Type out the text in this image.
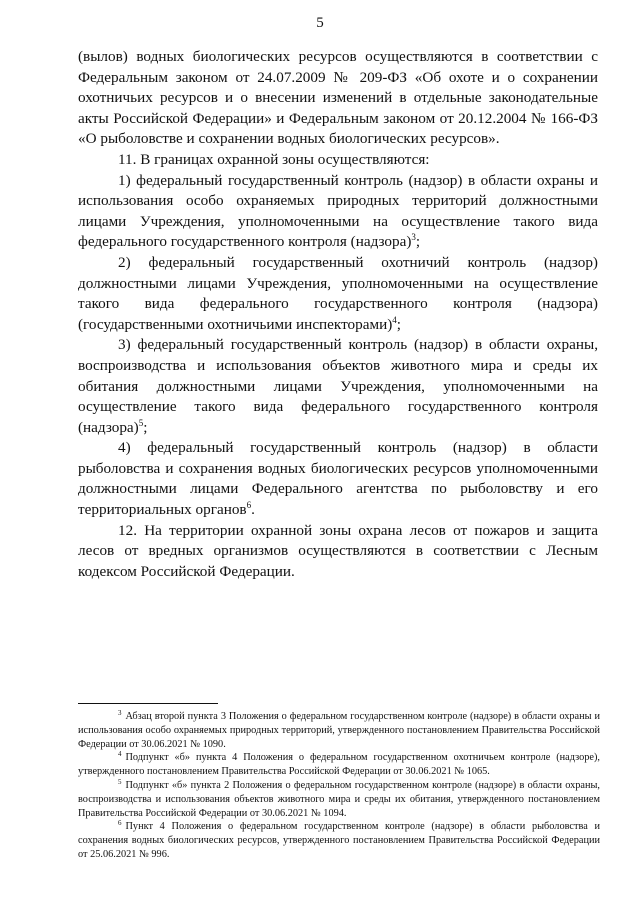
5

(вылов) водных биологических ресурсов осуществляются в соответствии с Федеральным законом от 24.07.2009 № 209-ФЗ «Об охоте и о сохранении охотничьих ресурсов и о внесении изменений в отдельные законодательные акты Российской Федерации» и Федеральным законом от 20.12.2004 № 166-ФЗ «О рыболовстве и сохранении водных биологических ресурсов».

11. В границах охранной зоны осуществляются:

1) федеральный государственный контроль (надзор) в области охраны и использования особо охраняемых природных территорий должностными лицами Учреждения, уполномоченными на осуществление такого вида федерального государственного контроля (надзора)$^3$;

2) федеральный государственный охотничий контроль (надзор) должностными лицами Учреждения, уполномоченными на осуществление такого вида федерального государственного контроля (надзора) (государственными охотничьими инспекторами)$^4$;

3) федеральный государственный контроль (надзор) в области охраны, воспроизводства и использования объектов животного мира и среды их обитания должностными лицами Учреждения, уполномоченными на осуществление такого вида федерального государственного контроля (надзора)$^5$;

4) федеральный государственный контроль (надзор) в области рыболовства и сохранения водных биологических ресурсов уполномоченными должностными лицами Федерального агентства по рыболовству и его территориальных органов$^6$.

12. На территории охранной зоны охрана лесов от пожаров и защита лесов от вредных организмов осуществляются в соответствии с Лесным кодексом Российской Федерации.

$^3$ Абзац второй пункта 3 Положения о федеральном государственном контроле (надзоре) в области охраны и использования особо охраняемых природных территорий, утвержденного постановлением Правительства Российской Федерации от 30.06.2021 № 1090.

$^4$ Подпункт «б» пункта 4 Положения о федеральном государственном охотничьем контроле (надзоре), утвержденного постановлением Правительства Российской Федерации от 30.06.2021 № 1065.

$^5$ Подпункт «б» пункта 2 Положения о федеральном государственном контроле (надзоре) в области охраны, воспроизводства и использования объектов животного мира и среды их обитания, утвержденного постановлением Правительства Российской Федерации от 30.06.2021 № 1094.

$^6$ Пункт 4 Положения о федеральном государственном контроле (надзоре) в области рыболовства и сохранения водных биологических ресурсов, утвержденного постановлением Правительства Российской Федерации от 25.06.2021 № 996.
